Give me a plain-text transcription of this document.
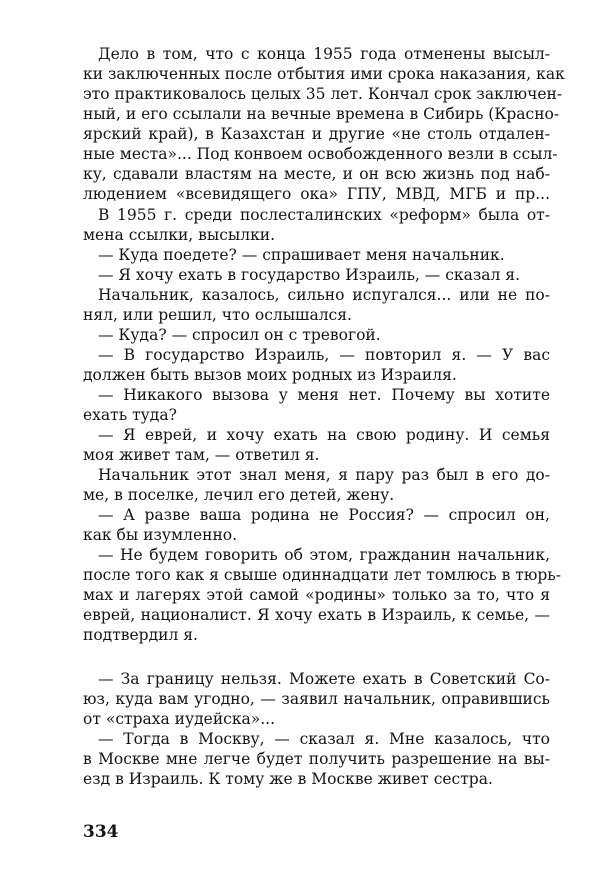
Дело в том, что с конца 1955 года отменены высыл-
ки заключенных после отбытия ими срока наказания, как
это практиковалось целых 35 лет. Кончал срок заключен-
ный, и его ссылали на вечные времена в Сибирь (Красно-
ярский край), в Казахстан и другие «не столь отдален-
ные места»... Под конвоем освобожденного везли в ссыл-
ку, сдавали властям на месте, и он всю жизнь под наб-
людением «всевидящего ока» ГПУ, МВД, МГБ и пр...
В 1955 г. среди послесталинских «реформ» была от-
мена ссылки, высылки.
— Куда поедете? — спрашивает меня начальник.
— Я хочу ехать в государство Израиль, — сказал я.
Начальник, казалось, сильно испугался... или не по-
нял, или решил, что ослышался.
— Куда? — спросил он с тревогой.
— В государство Израиль, — повторил я. — У вас
должен быть вызов моих родных из Израиля.
— Никакого вызова у меня нет. Почему вы хотите
ехать туда?
— Я еврей, и хочу ехать на свою родину. И семья
моя живет там, — ответил я.
Начальник этот знал меня, я пару раз был в его до-
ме, в поселке, лечил его детей, жену.
— А разве ваша родина не Россия? — спросил он,
как бы изумленно.
— Не будем говорить об этом, гражданин начальник,
после того как я свыше одиннадцати лет томлюсь в тюрь-
мах и лагерях этой самой «родины» только за то, что я
еврей, националист. Я хочу ехать в Израиль, к семье, —
подтвердил я.
— За границу нельзя. Можете ехать в Советский Со-
юз, куда вам угодно, — заявил начальник, оправившись
от «страха иудейска»...
— Тогда в Москву, — сказал я. Мне казалось, что
в Москве мне легче будет получить разрешение на вы-
езд в Израиль. К тому же в Москве живет сестра.
334
